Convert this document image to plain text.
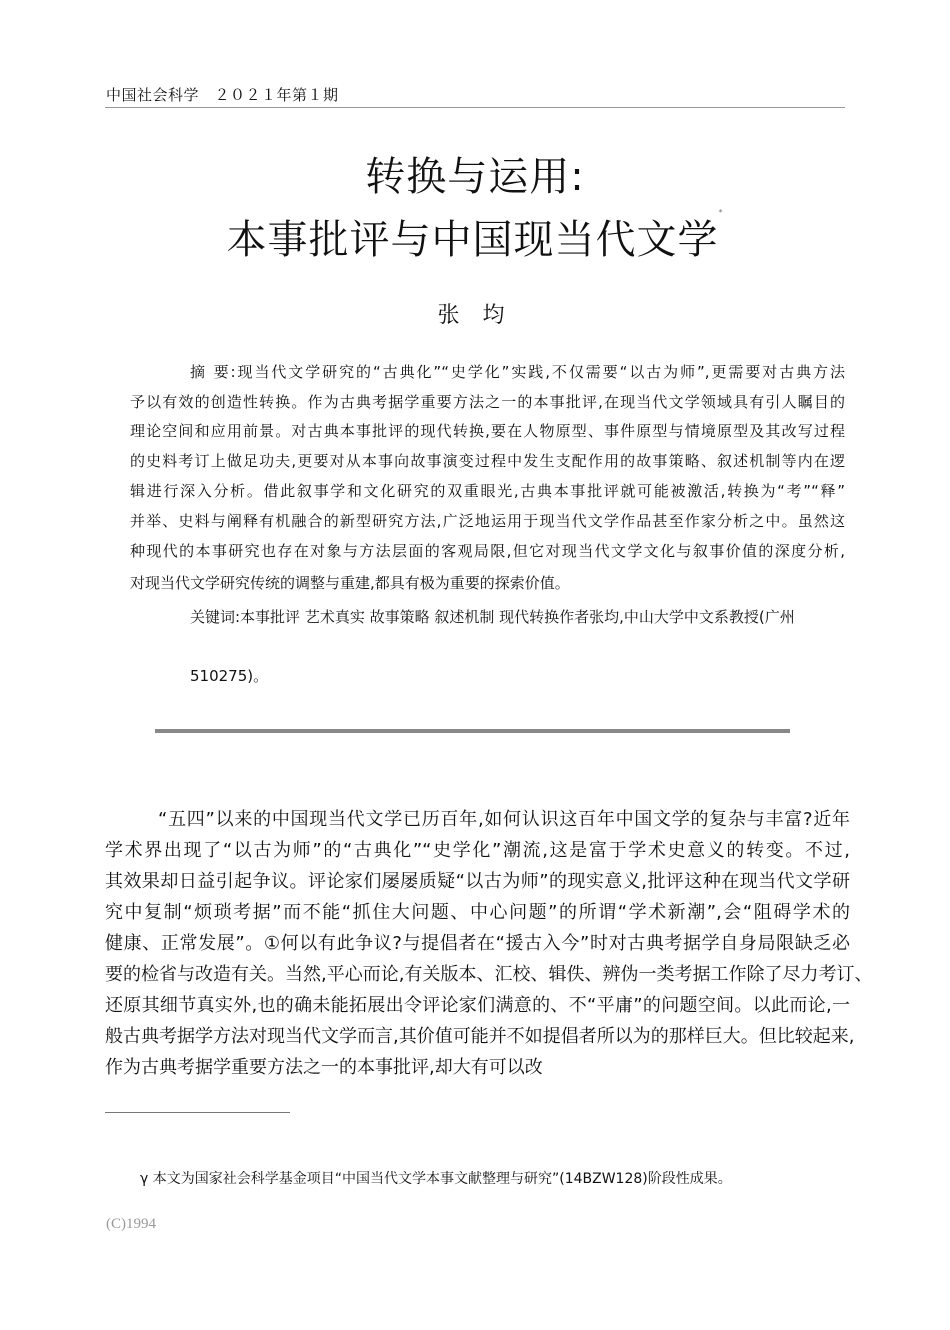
中国社会科学　２０２１年第１期
转换与运用:
本事批评与中国现当代文学*
张 均
摘 要:现当代文学研究的“古典化”“史学化”实践,不仅需要“以古为师”,更需要对古典方法
予以有效的创造性转换。作为古典考据学重要方法之一的本事批评,在现当代文学领域具有引人瞩目的
理论空间和应用前景。对古典本事批评的现代转换,要在人物原型、事件原型与情境原型及其改写过程
的史料考订上做足功夫,更要对从本事向故事演变过程中发生支配作用的故事策略、叙述机制等内在逻
辑进行深入分析。借此叙事学和文化研究的双重眼光,古典本事批评就可能被激活,转换为“考”“释”
并举、史料与阐释有机融合的新型研究方法,广泛地运用于现当代文学作品甚至作家分析之中。虽然这
种现代的本事研究也存在对象与方法层面的客观局限,但它对现当代文学文化与叙事价值的深度分析,
对现当代文学研究传统的调整与重建,都具有极为重要的探索价值。
关键词:本事批评 艺术真实 故事策略 叙述机制 现代转换作者张均,中山大学中文系教授(广州
510275)。
“五四”以来的中国现当代文学已历百年,如何认识这百年中国文学的复杂与丰富?近年
学术界出现了“以古为师”的“古典化”“史学化”潮流,这是富于学术史意义的转变。不过,
其效果却日益引起争议。评论家们屡屡质疑“以古为师”的现实意义,批评这种在现当代文学研
究中复制“烦琐考据”而不能“抓住大问题、中心问题”的所谓“学术新潮”,会“阻碍学术的
健康、正常发展”。①何以有此争议?与提倡者在“援古入今”时对古典考据学自身局限缺乏必
要的检省与改造有关。当然,平心而论,有关版本、汇校、辑佚、辨伪一类考据工作除了尽力考订、
还原其细节真实外,也的确未能拓展出令评论家们满意的、不“平庸”的问题空间。以此而论,一
般古典考据学方法对现当代文学而言,其价值可能并不如提倡者所以为的那样巨大。但比较起来,
作为古典考据学重要方法之一的本事批评,却大有可以改
γ 本文为国家社会科学基金项目“中国当代文学本事文献整理与研究”(14BZW128)阶段性成果。
(C)1994
